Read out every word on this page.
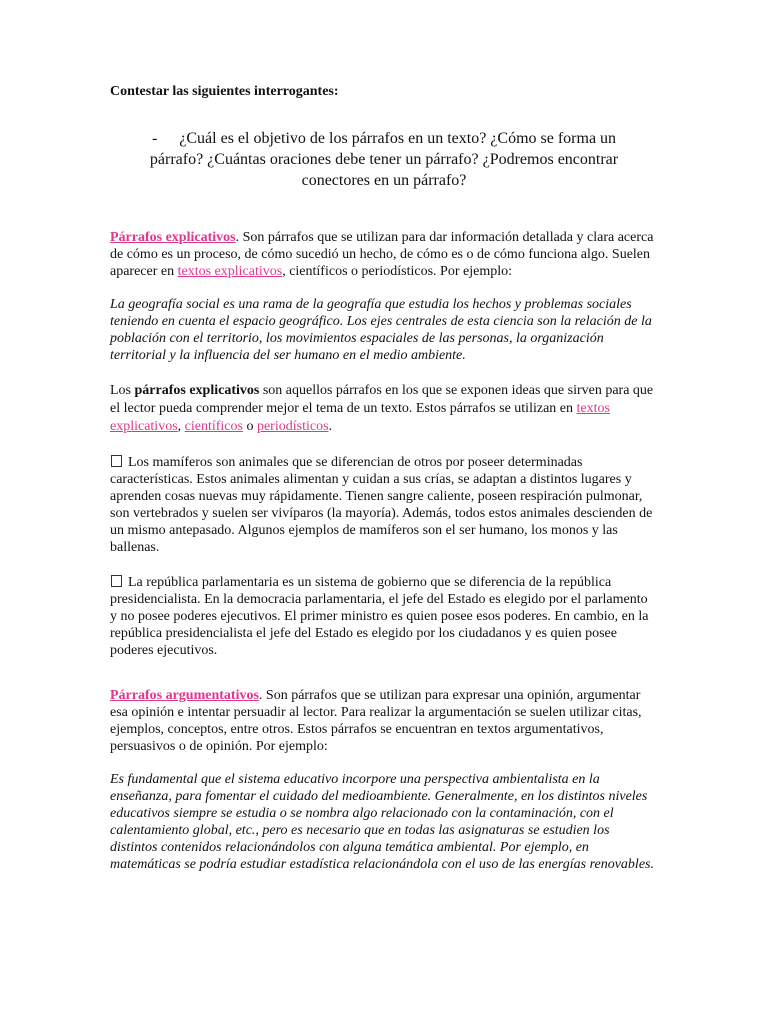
Contestar las siguientes interrogantes:

- ¿Cuál es el objetivo de los párrafos en un texto? ¿Cómo se forma un párrafo? ¿Cuántas oraciones debe tener un párrafo? ¿Podremos encontrar conectores en un párrafo?

Párrafos explicativos. Son párrafos que se utilizan para dar información detallada y clara acerca de cómo es un proceso, de cómo sucedió un hecho, de cómo es o de cómo funciona algo. Suelen aparecer en textos explicativos, científicos o periodísticos. Por ejemplo:

La geografía social es una rama de la geografía que estudia los hechos y problemas sociales teniendo en cuenta el espacio geográfico. Los ejes centrales de esta ciencia son la relación de la población con el territorio, los movimientos espaciales de las personas, la organización territorial y la influencia del ser humano en el medio ambiente.

Los párrafos explicativos son aquellos párrafos en los que se exponen ideas que sirven para que el lector pueda comprender mejor el tema de un texto. Estos párrafos se utilizan en textos explicativos, científicos o periodísticos.

Los mamíferos son animales que se diferencian de otros por poseer determinadas características. Estos animales alimentan y cuidan a sus crías, se adaptan a distintos lugares y aprenden cosas nuevas muy rápidamente. Tienen sangre caliente, poseen respiración pulmonar, son vertebrados y suelen ser vivíparos (la mayoría). Además, todos estos animales descienden de un mismo antepasado. Algunos ejemplos de mamíferos son el ser humano, los monos y las ballenas.

La república parlamentaria es un sistema de gobierno que se diferencia de la república presidencialista. En la democracia parlamentaria, el jefe del Estado es elegido por el parlamento y no posee poderes ejecutivos. El primer ministro es quien posee esos poderes. En cambio, en la república presidencialista el jefe del Estado es elegido por los ciudadanos y es quien posee poderes ejecutivos.

Párrafos argumentativos. Son párrafos que se utilizan para expresar una opinión, argumentar esa opinión e intentar persuadir al lector. Para realizar la argumentación se suelen utilizar citas, ejemplos, conceptos, entre otros. Estos párrafos se encuentran en textos argumentativos, persuasivos o de opinión. Por ejemplo:

Es fundamental que el sistema educativo incorpore una perspectiva ambientalista en la enseñanza, para fomentar el cuidado del medioambiente. Generalmente, en los distintos niveles educativos siempre se estudia o se nombra algo relacionado con la contaminación, con el calentamiento global, etc., pero es necesario que en todas las asignaturas se estudien los distintos contenidos relacionándolos con alguna temática ambiental. Por ejemplo, en matemáticas se podría estudiar estadística relacionándola con el uso de las energías renovables.
